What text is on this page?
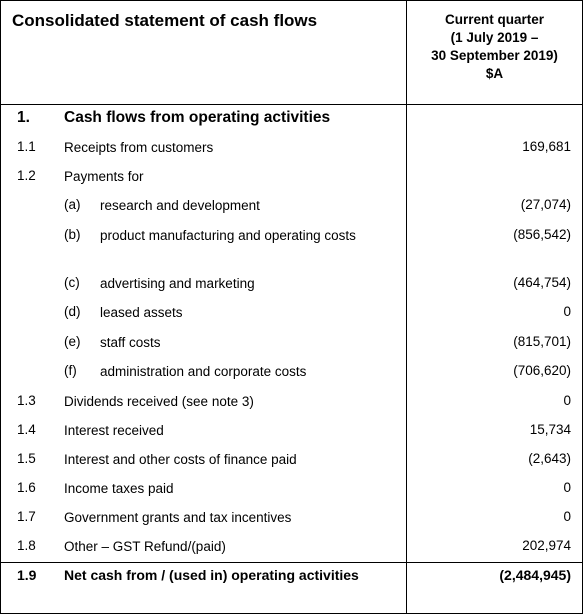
Consolidated statement of cash flows	Current quarter
(1 July 2019 –
30 September 2019)
$A
1. Cash flows from operating activities
1.1 Receipts from customers	169,681
1.2 Payments for
(a) research and development	(27,074)
(b) product manufacturing and operating costs	(856,542)
(c) advertising and marketing	(464,754)
(d) leased assets	0
(e) staff costs	(815,701)
(f) administration and corporate costs	(706,620)
1.3 Dividends received (see note 3)	0
1.4 Interest received	15,734
1.5 Interest and other costs of finance paid	(2,643)
1.6 Income taxes paid	0
1.7 Government grants and tax incentives	0
1.8 Other – GST Refund/(paid)	202,974
1.9 Net cash from / (used in) operating activities	(2,484,945)
